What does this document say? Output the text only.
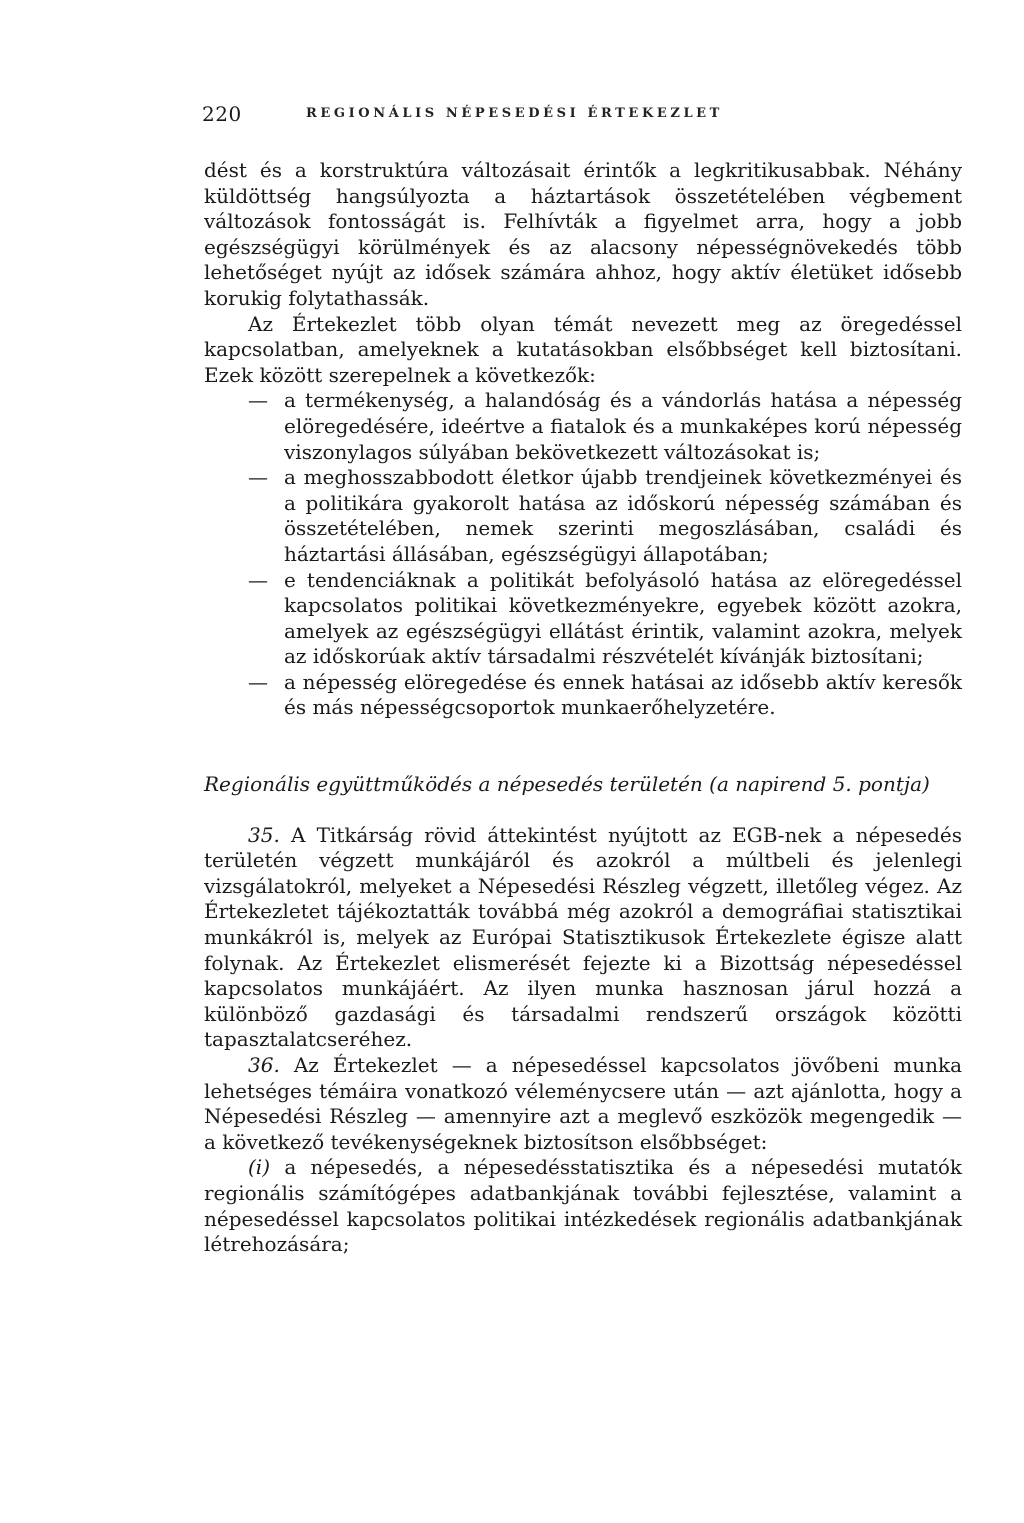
220	REGIONÁLIS NÉPESEDÉSI ÉRTEKEZLET

dést és a korstruktúra változásait érintők a legkritikusabbak. Néhány küldöttség hangsúlyozta a háztartások összetételében végbement változások fontosságát is. Felhívták a figyelmet arra, hogy a jobb egészségügyi körülmények és az alacsony népességnövekedés több lehetőséget nyújt az idősek számára ahhoz, hogy aktív életüket idősebb korukig folytathassák.

Az Értekezlet több olyan témát nevezett meg az öregedéssel kapcsolatban, amelyeknek a kutatásokban elsőbbséget kell biztosítani. Ezek között szerepelnek a következők:

— a termékenység, a halandóság és a vándorlás hatása a népesség elöregedésére, ideértve a fiatalok és a munkaképes korú népesség viszonylagos súlyában bekövetkezett változásokat is;
— a meghosszabbodott életkor újabb trendjeinek következményei és a politikára gyakorolt hatása az időskorú népesség számában és összetételében, nemek szerinti megoszlásában, családi és háztartási állásában, egészségügyi állapotában;
— e tendenciáknak a politikát befolyásoló hatása az elöregedéssel kapcsolatos politikai következményekre, egyebek között azokra, amelyek az egészségügyi ellátást érintik, valamint azokra, melyek az időskorúak aktív társadalmi részvételét kívánják biztosítani;
— a népesség elöregedése és ennek hatásai az idősebb aktív keresők és más népességcsoportok munkaerőhelyzetére.

Regionális együttműködés a népesedés területén (a napirend 5. pontja)

35. A Titkárság rövid áttekintést nyújtott az EGB-nek a népesedés területén végzett munkájáról és azokról a múltbeli és jelenlegi vizsgálatokról, melyeket a Népesedési Részleg végzett, illetőleg végez. Az Értekezletet tájékoztatták továbbá még azokról a demográfiai statisztikai munkákról is, melyek az Európai Statisztikusok Értekezlete égisze alatt folynak. Az Értekezlet elismerését fejezte ki a Bizottság népesedéssel kapcsolatos munkájáért. Az ilyen munka hasznosan járul hozzá a különböző gazdasági és társadalmi rendszerű országok közötti tapasztalatcseréhez.

36. Az Értekezlet — a népesedéssel kapcsolatos jövőbeni munka lehetséges témáira vonatkozó véleménycsere után — azt ajánlotta, hogy a Népesedési Részleg — amennyire azt a meglevő eszközök megengedik — a következő tevékenységeknek biztosítson elsőbbséget:

(i) a népesedés, a népesedésstatisztika és a népesedési mutatók regionális számítógépes adatbankjának további fejlesztése, valamint a népesedéssel kapcsolatos politikai intézkedések regionális adatbankjának létrehozására;
